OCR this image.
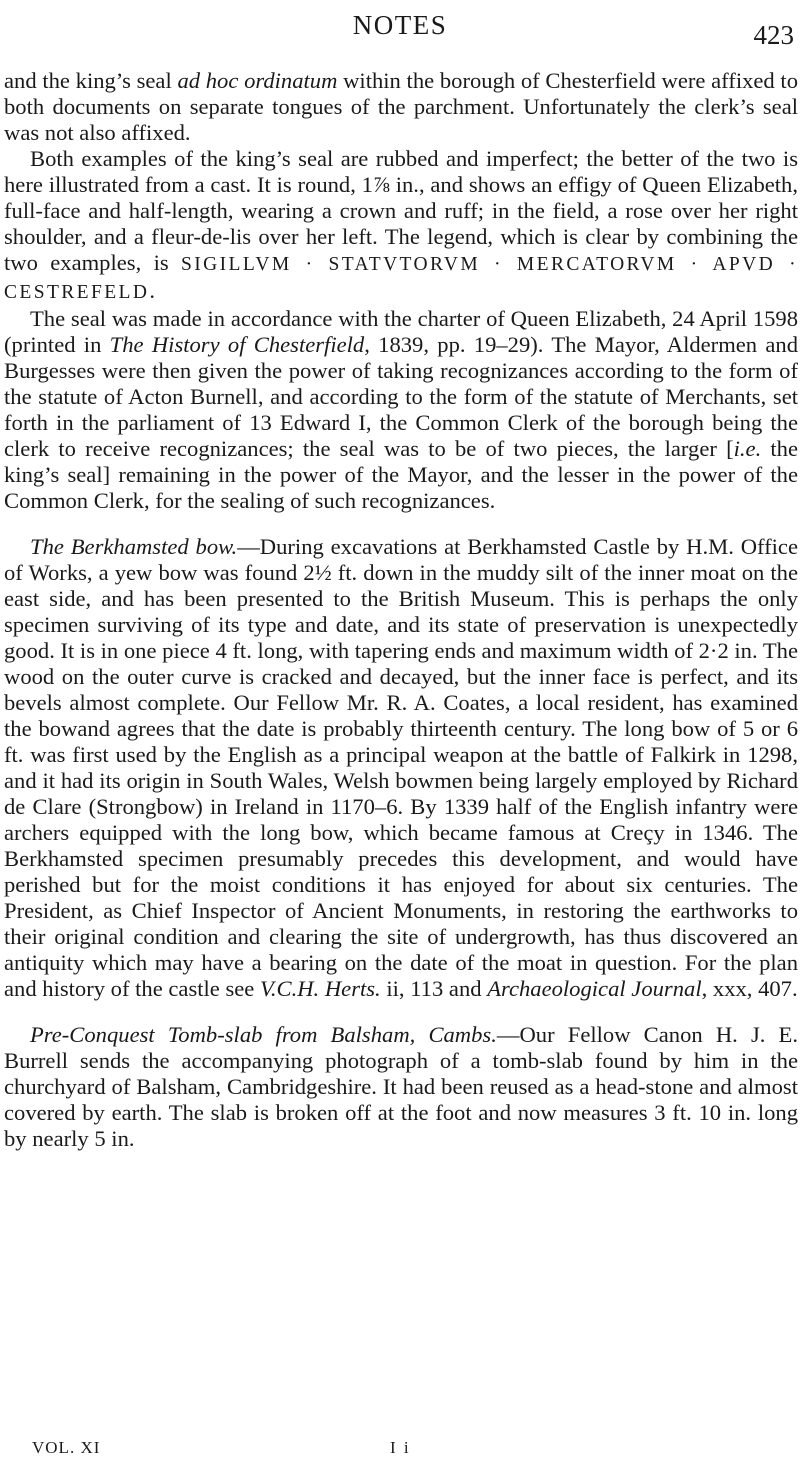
NOTES	423

and the king’s seal ad hoc ordinatum within the borough of Chesterfield were affixed to both documents on separate tongues of the parchment. Unfortunately the clerk’s seal was not also affixed.

Both examples of the king’s seal are rubbed and imperfect; the better of the two is here illustrated from a cast. It is round, 1⅞ in., and shows an effigy of Queen Elizabeth, full-face and half-length, wearing a crown and ruff; in the field, a rose over her right shoulder, and a fleur-de-lis over her left. The legend, which is clear by combining the two examples, is SIGILLVM · STATVTORVM · MERCATORVM · APVD · CESTREFELD.

The seal was made in accordance with the charter of Queen Elizabeth, 24 April 1598 (printed in The History of Chesterfield, 1839, pp. 19–29). The Mayor, Aldermen and Burgesses were then given the power of taking recognizances according to the form of the statute of Acton Burnell, and according to the form of the statute of Merchants, set forth in the parliament of 13 Edward I, the Common Clerk of the borough being the clerk to receive recognizances; the seal was to be of two pieces, the larger [i.e. the king’s seal] remaining in the power of the Mayor, and the lesser in the power of the Common Clerk, for the sealing of such recognizances.

The Berkhamsted bow.—During excavations at Berkhamsted Castle by H.M. Office of Works, a yew bow was found 2½ ft. down in the muddy silt of the inner moat on the east side, and has been presented to the British Museum. This is perhaps the only specimen surviving of its type and date, and its state of preservation is unexpectedly good. It is in one piece 4 ft. long, with tapering ends and maximum width of 2·2 in. The wood on the outer curve is cracked and decayed, but the inner face is perfect, and its bevels almost complete. Our Fellow Mr. R. A. Coates, a local resident, has examined the bowand agrees that the date is probably thirteenth century. The long bow of 5 or 6 ft. was first used by the English as a principal weapon at the battle of Falkirk in 1298, and it had its origin in South Wales, Welsh bowmen being largely employed by Richard de Clare (Strongbow) in Ireland in 1170–6. By 1339 half of the English infantry were archers equipped with the long bow, which became famous at Creçy in 1346. The Berkhamsted specimen presumably precedes this development, and would have perished but for the moist conditions it has enjoyed for about six centuries. The President, as Chief Inspector of Ancient Monuments, in restoring the earthworks to their original condition and clearing the site of undergrowth, has thus discovered an antiquity which may have a bearing on the date of the moat in question. For the plan and history of the castle see V.C.H. Herts. ii, 113 and Archaeological Journal, xxx, 407.

Pre-Conquest Tomb-slab from Balsham, Cambs.—Our Fellow Canon H. J. E. Burrell sends the accompanying photograph of a tomb-slab found by him in the churchyard of Balsham, Cambridgeshire. It had been reused as a head-stone and almost covered by earth. The slab is broken off at the foot and now measures 3 ft. 10 in. long by nearly 5 in.

VOL. XI	I i
